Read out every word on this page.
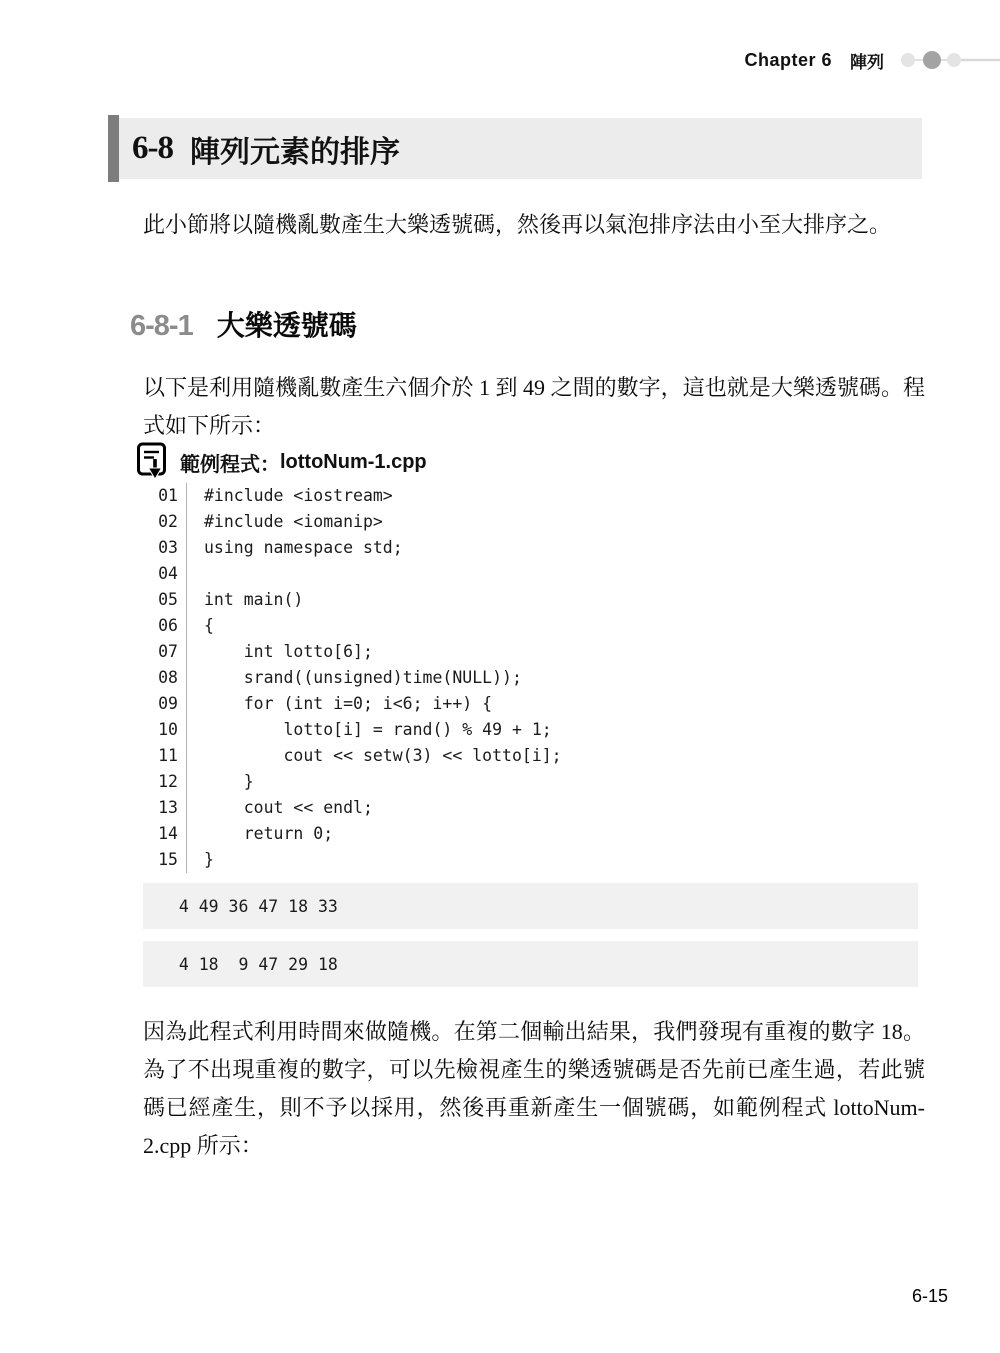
Chapter 6 陣列
6-8 陣列元素的排序

此小節將以隨機亂數產生大樂透號碼，然後再以氣泡排序法由小至大排序之。

6-8-1 大樂透號碼

以下是利用隨機亂數產生六個介於 1 到 49 之間的數字，這也就是大樂透號碼。程式如下所示：

範例程式： lottoNum-1.cpp
01	#include <iostream>
02	#include <iomanip>
03	using namespace std;
04
05	int main()
06	{
07	int lotto[6];
08	srand((unsigned)time(NULL));
09	for (int i=0; i<6; i++) {
10	lotto[i] = rand() % 49 + 1;
11	cout << setw(3) << lotto[i];
12	}
13	cout << endl;
14	return 0;
15	}
4 49 36 47 18 33
4 18  9 47 29 18

因為此程式利用時間來做隨機。在第二個輸出結果，我們發現有重複的數字 18。為了不出現重複的數字，可以先檢視產生的樂透號碼是否先前已產生過，若此號碼已經產生，則不予以採用，然後再重新產生一個號碼，如範例程式 lottoNum-2.cpp 所示：

6-15
